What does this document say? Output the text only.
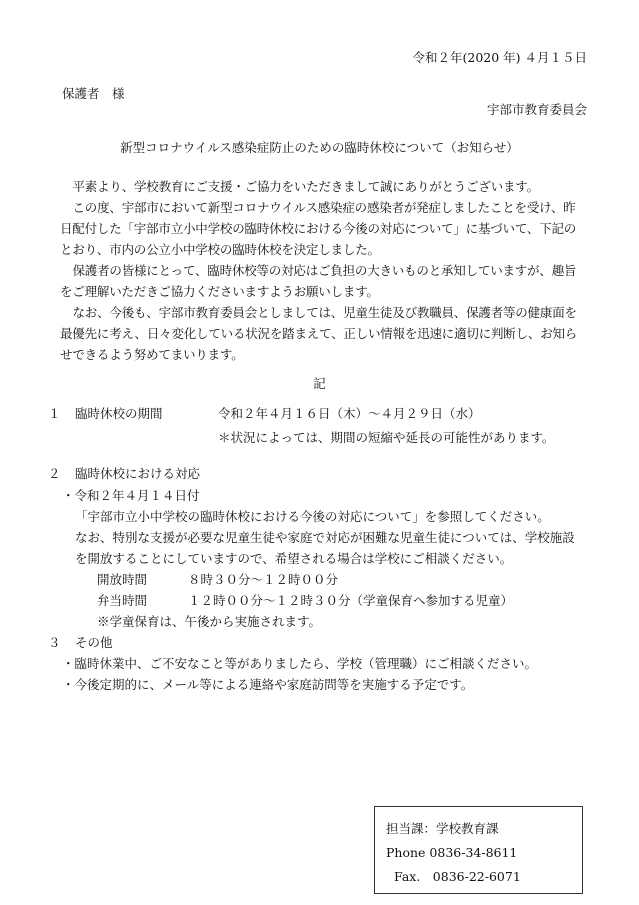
令和２年(2020 年) ４月１５日
保護者　様
宇部市教育委員会
新型コロナウイルス感染症防止のための臨時休校について（お知らせ）
平素より、学校教育にご支援・ご協力をいただきまして誠にありがとうございます。
この度、宇部市において新型コロナウイルス感染症の感染者が発症しましたことを受け、昨日配付した「宇部市立小中学校の臨時休校における今後の対応について」に基づいて、下記のとおり、市内の公立小中学校の臨時休校を決定しました。
保護者の皆様にとって、臨時休校等の対応はご負担の大きいものと承知していますが、趣旨をご理解いただきご協力くださいますようお願いします。
なお、今後も、宇部市教育委員会としましては、児童生徒及び教職員、保護者等の健康面を最優先に考え、日々変化している状況を踏まえて、正しい情報を迅速に適切に判断し、お知らせできるよう努めてまいります。
記
１ 臨時休校の期間	令和２年４月１６日（木）～４月２９日（水）
＊状況によっては、期間の短縮や延長の可能性があります。
２ 臨時休校における対応
・令和２年４月１４日付
「宇部市立小中学校の臨時休校における今後の対応について」を参照してください。
なお、特別な支援が必要な児童生徒や家庭で対応が困難な児童生徒については、学校施設
を開放することにしていますので、希望される場合は学校にご相談ください。
開放時間	８時３０分～１２時００分
弁当時間	１２時００分～１２時３０分（学童保育へ参加する児童）
※学童保育は、午後から実施されます。
３ その他
・臨時休業中、ご不安なこと等がありましたら、学校（管理職）にご相談ください。
・今後定期的に、メール等による連絡や家庭訪問等を実施する予定です。
担当課：学校教育課
Phone 0836-34-8611
Fax.　0836-22-6071
